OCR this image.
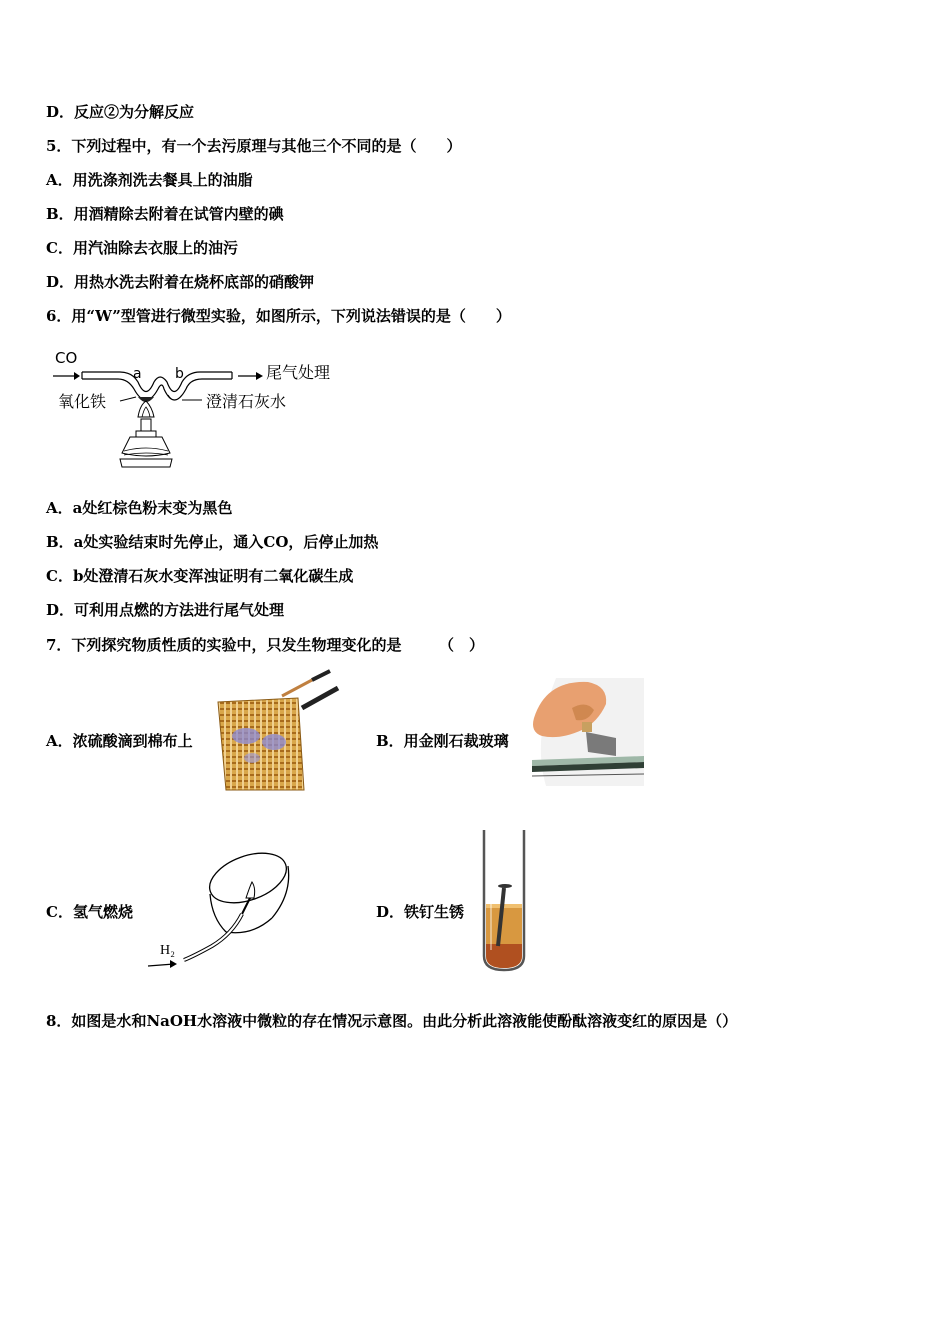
D．反应②为分解反应
5．下列过程中，有一个去污原理与其他三个不同的是（　　）
A．用洗涤剂洗去餐具上的油脂
B．用酒精除去附着在试管内壁的碘
C．用汽油除去衣服上的油污
D．用热水洗去附着在烧杯底部的硝酸钾
6．用“W”型管进行微型实验，如图所示，下列说法错误的是（　　）
CO
a b	尾气处理
氧化铁	澄清石灰水
A．a处红棕色粉末变为黑色
B．a处实验结束时先停止，通入CO，后停止加热
C．b处澄清石灰水变浑浊证明有二氧化碳生成
D．可利用点燃的方法进行尾气处理
7．下列探究物质性质的实验中，只发生物理变化的是　　　（　）
A．浓硫酸滴到棉布上	B．用金刚石裁玻璃
C．氢气燃烧
H₂
D．铁钉生锈
8．如图是水和NaOH水溶液中微粒的存在情况示意图。由此分析此溶液能使酚酞溶液变红的原因是（）
